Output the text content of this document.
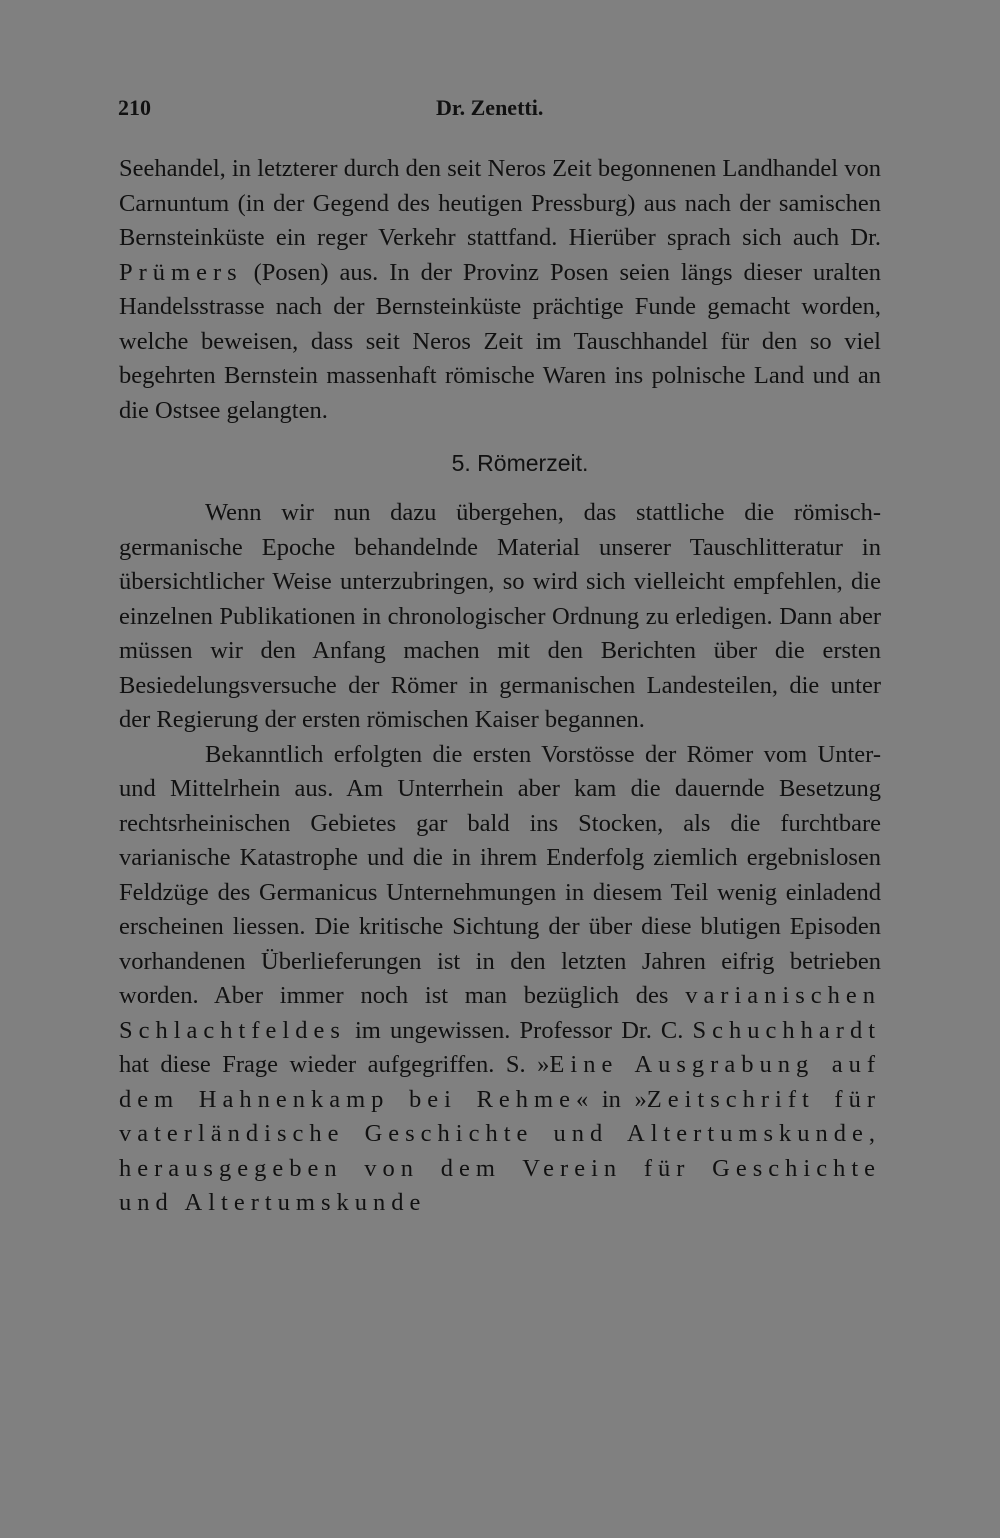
210	Dr. Zenetti.

Seehandel, in letzterer durch den seit Neros Zeit begonnenen Landhandel von Carnuntum (in der Gegend des heutigen Pressburg) aus nach der samischen Bernsteinküste ein reger Verkehr stattfand. Hierüber sprach sich auch Dr. Prümers (Posen) aus. In der Provinz Posen seien längs dieser uralten Handelsstrasse nach der Bernsteinküste prächtige Funde gemacht worden, welche beweisen, dass seit Neros Zeit im Tauschhandel für den so viel begehrten Bernstein massenhaft römische Waren ins polnische Land und an die Ostsee gelangten.

5. Römerzeit.

Wenn wir nun dazu übergehen, das stattliche die römisch-germanische Epoche behandelnde Material unserer Tauschlitteratur in übersichtlicher Weise unterzubringen, so wird sich vielleicht empfehlen, die einzelnen Publikationen in chronologischer Ordnung zu erledigen. Dann aber müssen wir den Anfang machen mit den Berichten über die ersten Besiedelungsversuche der Römer in germanischen Landesteilen, die unter der Regierung der ersten römischen Kaiser begannen.

Bekanntlich erfolgten die ersten Vorstösse der Römer vom Unter- und Mittelrhein aus. Am Unterrhein aber kam die dauernde Besetzung rechtsrheinischen Gebietes gar bald ins Stocken, als die furchtbare varianische Katastrophe und die in ihrem Enderfolg ziemlich ergebnislosen Feldzüge des Germanicus Unternehmungen in diesem Teil wenig einladend erscheinen liessen. Die kritische Sichtung der über diese blutigen Episoden vorhandenen Überlieferungen ist in den letzten Jahren eifrig betrieben worden. Aber immer noch ist man bezüglich des varianischen Schlachtfeldes im ungewissen. Professor Dr. C. Schuchhardt hat diese Frage wieder aufgegriffen. S. »Eine Ausgrabung auf dem Hahnenkamp bei Rehme« in »Zeitschrift für vaterländische Geschichte und Altertumskunde, herausgegeben von dem Verein für Geschichte und Altertumskunde
